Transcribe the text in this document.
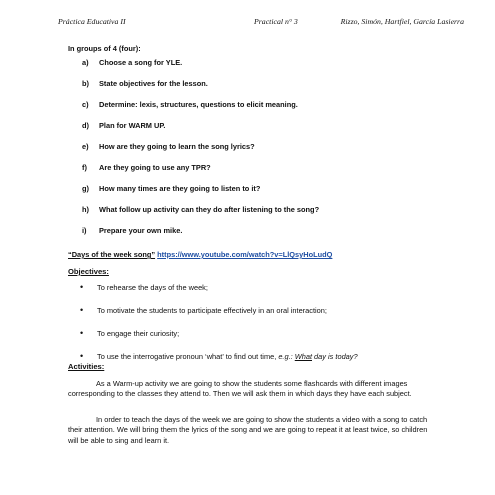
Práctica Educativa II	Practical n° 3	Rizzo, Simón, Hartfiel, García Lasierra
In groups of 4 (four):
a) Choose a song for YLE.
b) State objectives for the lesson.
c) Determine: lexis, structures, questions to elicit meaning.
d) Plan for WARM UP.
e) How are they going to learn the song lyrics?
f) Are they going to use any TPR?
g) How many times are they going to listen to it?
h) What follow up activity can they do after listening to the song?
i) Prepare your own mike.
“Days of the week song” https://www.youtube.com/watch?v=LlQsyHoLudQ
Objectives:
• To rehearse the days of the week;
• To motivate the students to participate effectively in an oral interaction;
• To engage their curiosity;
• To use the interrogative pronoun ‘what’ to find out time, e.g.: What day is today?
Activities:

As a Warm-up activity we are going to show the students some flashcards with different images corresponding to the classes they attend to. Then we will ask them in which days they have each subject.

In order to teach the days of the week we are going to show the students a video with a song to catch their attention. We will bring them the lyrics of the song and we are going to repeat it at least twice, so children will be able to sing and learn it.
